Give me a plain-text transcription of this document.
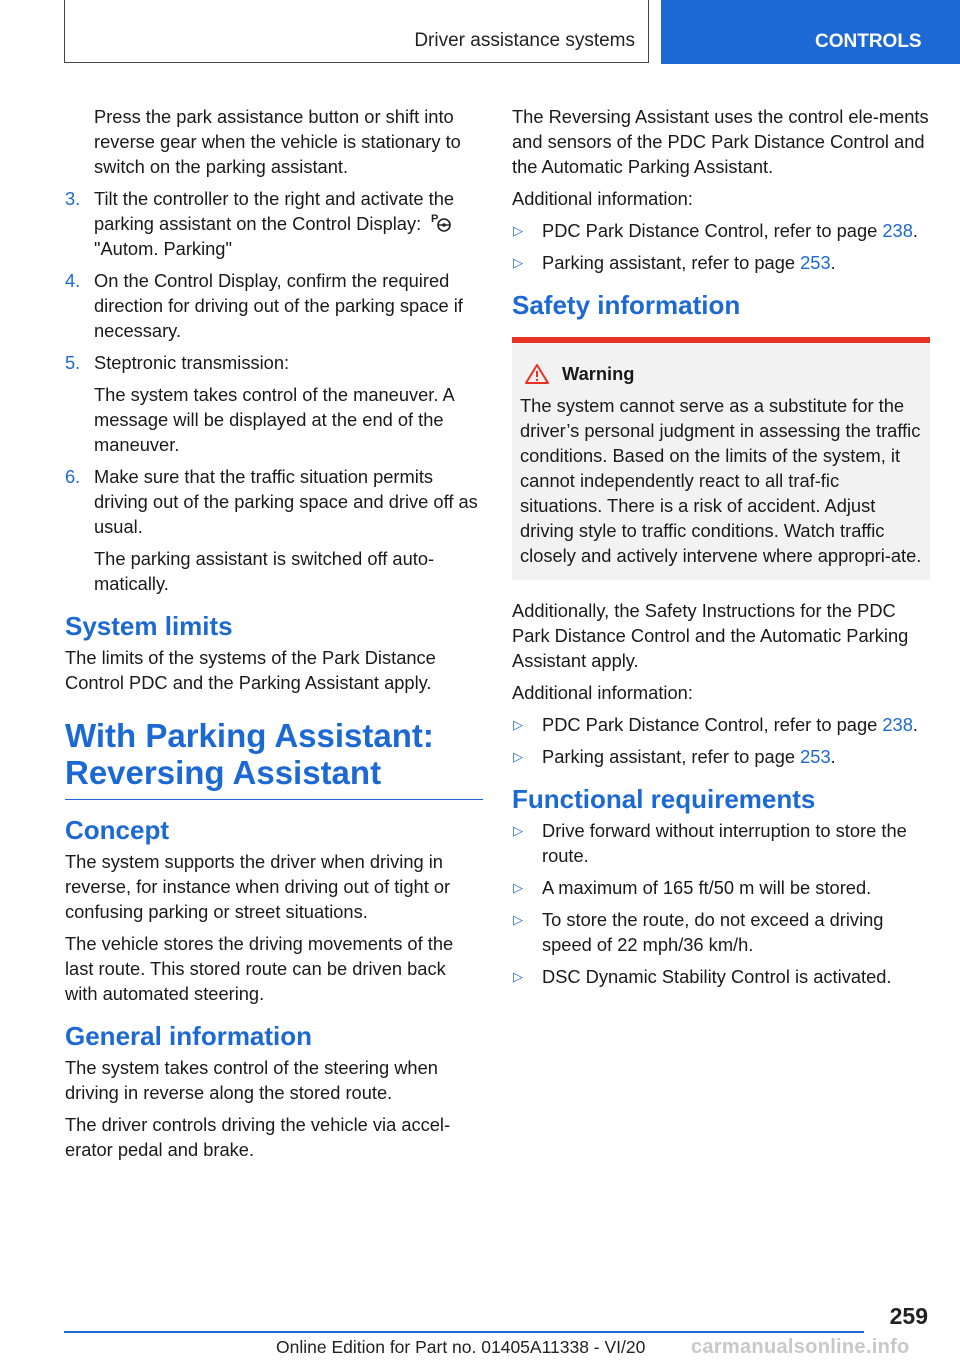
Driver assistance systems	CONTROLS

Press the park assistance button or shift into reverse gear when the vehicle is stationary to switch on the parking assistant.

3. Tilt the controller to the right and activate the parking assistant on the Control Display: P

"Autom. Parking"
4. On the Control Display, confirm the required direction for driving out of the parking space if necessary.
5. Steptronic transmission:

The system takes control of the maneuver. A message will be displayed at the end of the maneuver.

6. Make sure that the traffic situation permits driving out of the parking space and drive off as usual.

The parking assistant is switched off auto-matically.

System limits

The limits of the systems of the Park Distance Control PDC and the Parking Assistant apply.

With Parking Assistant:
Reversing Assistant
Concept

The system supports the driver when driving in reverse, for instance when driving out of tight or confusing parking or street situations.

The vehicle stores the driving movements of the last route. This stored route can be driven back with automated steering.

General information

The system takes control of the steering when driving in reverse along the stored route.

The driver controls driving the vehicle via accel-erator pedal and brake.

The Reversing Assistant uses the control ele-ments and sensors of the PDC Park Distance Control and the Automatic Parking Assistant.

Additional information:

▷	PDC Park Distance Control, refer to page 238.
▷	Parking assistant, refer to page 253.
Safety information
Warning

The system cannot serve as a substitute for the driver’s personal judgment in assessing the traffic conditions. Based on the limits of the system, it cannot independently react to all traf-fic situations. There is a risk of accident. Adjust driving style to traffic conditions. Watch traffic closely and actively intervene where appropri-ate.

Additionally, the Safety Instructions for the PDC Park Distance Control and the Automatic Parking Assistant apply.

Additional information:

▷	PDC Park Distance Control, refer to page 238.
▷	Parking assistant, refer to page 253.
Functional requirements
▷	Drive forward without interruption to store the route.
▷	A maximum of 165 ft/50 m will be stored.
▷	To store the route, do not exceed a driving speed of 22 mph/36 km/h.
▷	DSC Dynamic Stability Control is activated.
259
Online Edition for Part no. 01405A11338 - VI/20 carmanualsonline.info
